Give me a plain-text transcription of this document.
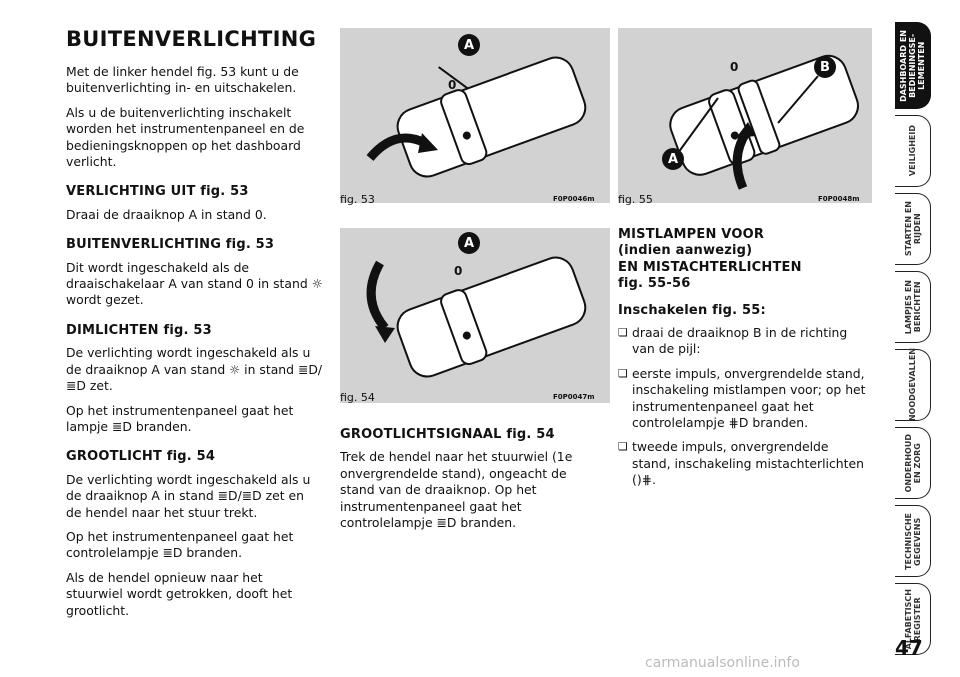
BUITENVERLICHTING

Met de linker hendel fig. 53 kunt u de buitenverlichting in- en uitschakelen.

Als u de buitenverlichting inschakelt worden het instrumentenpaneel en de bedieningsknoppen op het dashboard verlicht.

VERLICHTING UIT fig. 53

Draai de draaiknop A in stand 0.

BUITENVERLICHTING fig. 53

Dit wordt ingeschakeld als de draaischakelaar A van stand 0 in stand ☼ wordt gezet.

DIMLICHTEN fig. 53

De verlichting wordt ingeschakeld als u de draaiknop A van stand ☼ in stand ≣D/≣D zet.

Op het instrumentenpaneel gaat het lampje ≣D branden.

GROOTLICHT fig. 54

De verlichting wordt ingeschakeld als u de draaiknop A in stand ≣D/≣D zet en de hendel naar het stuur trekt.

Op het instrumentenpaneel gaat het controlelampje ≣D branden.

Als de hendel opnieuw naar het stuurwiel wordt getrokken, dooft het grootlicht.

A
0
fig. 53	F0P0046m
A
0
fig. 54	F0P0047m
GROOTLICHTSIGNAAL fig. 54

Trek de hendel naar het stuurwiel (1e onvergrendelde stand), ongeacht de stand van de draaiknop. Op het instrumentenpaneel gaat het controlelampje ≣D branden.

B
A
0
fig. 55	F0P0048m
MISTLAMPEN VOOR
(indien aanwezig)
EN MISTACHTERLICHTEN
fig. 55-56
Inschakelen fig. 55:
❏ draai de draaiknop B in de richting van de pijl:
❏ eerste impuls, onvergrendelde stand, inschakeling mistlampen voor; op het instrumentenpaneel gaat het controlelampje ⋕D branden.
❏ tweede impuls, onvergrendelde stand, inschakeling mistachterlichten ()⋕.
DASHBOARD EN
BEDIENINGSE-
LEMENTEN
VEILIGHEID
STARTEN EN
RIJDEN
LAMPJES EN
BERICHTEN
NOODGEVALLEN
ONDERHOUD
EN ZORG
TECHNISCHE
GEGEVENS
ALFABETISCH
REGISTER
47
carmanualsonline.info
